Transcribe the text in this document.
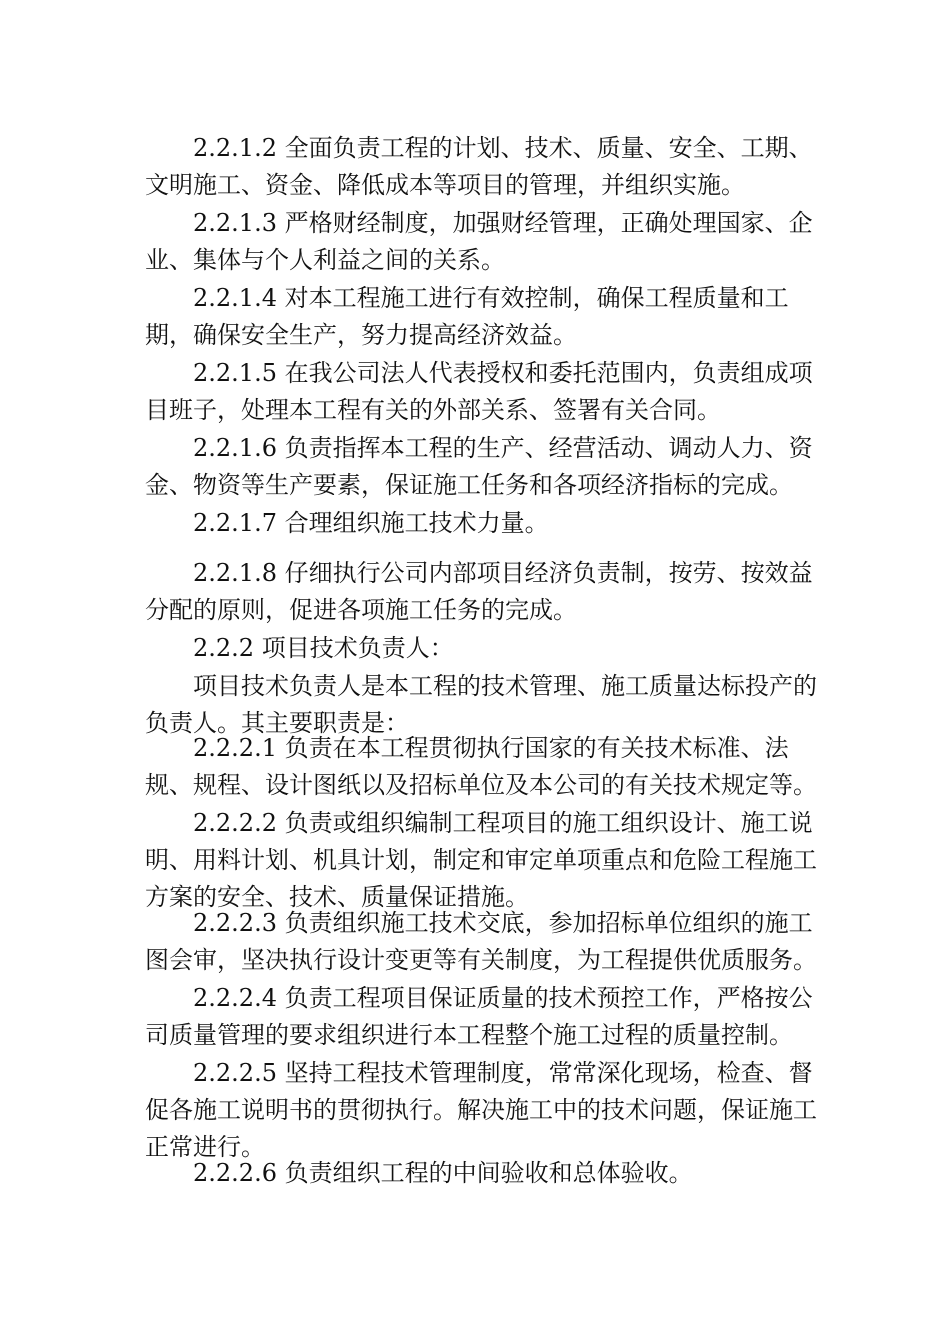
2.2.1.2 全面负责工程的计划、技术、质量、安全、工期、文明施工、资金、降低成本等项目的管理，并组织实施。

2.2.1.3 严格财经制度，加强财经管理，正确处理国家、企业、集体与个人利益之间的关系。

2.2.1.4 对本工程施工进行有效控制，确保工程质量和工期，确保安全生产，努力提高经济效益。

2.2.1.5 在我公司法人代表授权和委托范围内，负责组成项目班子，处理本工程有关的外部关系、签署有关合同。

2.2.1.6 负责指挥本工程的生产、经营活动、调动人力、资金、物资等生产要素，保证施工任务和各项经济指标的完成。

2.2.1.7 合理组织施工技术力量。

2.2.1.8 仔细执行公司内部项目经济负责制，按劳、按效益分配的原则，促进各项施工任务的完成。

2.2.2 项目技术负责人：

项目技术负责人是本工程的技术管理、施工质量达标投产的负责人。其主要职责是：

2.2.2.1 负责在本工程贯彻执行国家的有关技术标准、法规、规程、设计图纸以及招标单位及本公司的有关技术规定等。

2.2.2.2 负责或组织编制工程项目的施工组织设计、施工说明、用料计划、机具计划，制定和审定单项重点和危险工程施工方案的安全、技术、质量保证措施。

2.2.2.3 负责组织施工技术交底，参加招标单位组织的施工图会审，坚决执行设计变更等有关制度，为工程提供优质服务。

2.2.2.4 负责工程项目保证质量的技术预控工作，严格按公司质量管理的要求组织进行本工程整个施工过程的质量控制。

2.2.2.5 坚持工程技术管理制度，常常深化现场，检查、督促各施工说明书的贯彻执行。解决施工中的技术问题，保证施工正常进行。

2.2.2.6 负责组织工程的中间验收和总体验收。
